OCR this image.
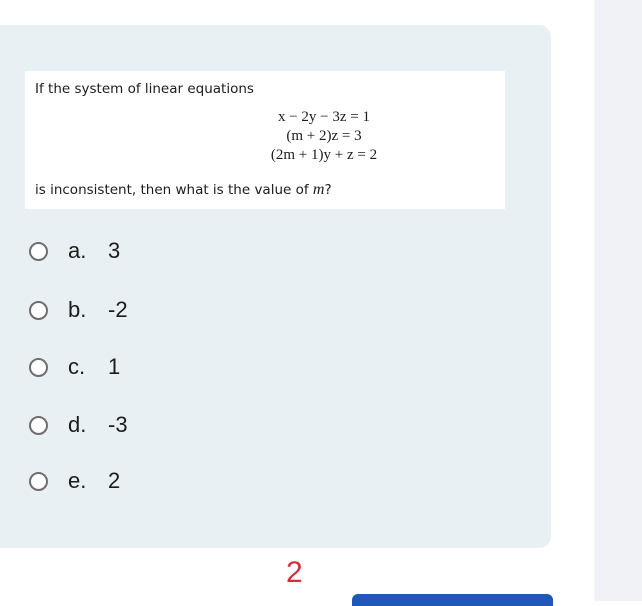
If the system of linear equations
x − 2y − 3z = 1
(m + 2)z = 3
(2m + 1)y + z = 2
is inconsistent, then what is the value of m?
a. 3
b. -2
c.	1
d. -3
e. 2
2
